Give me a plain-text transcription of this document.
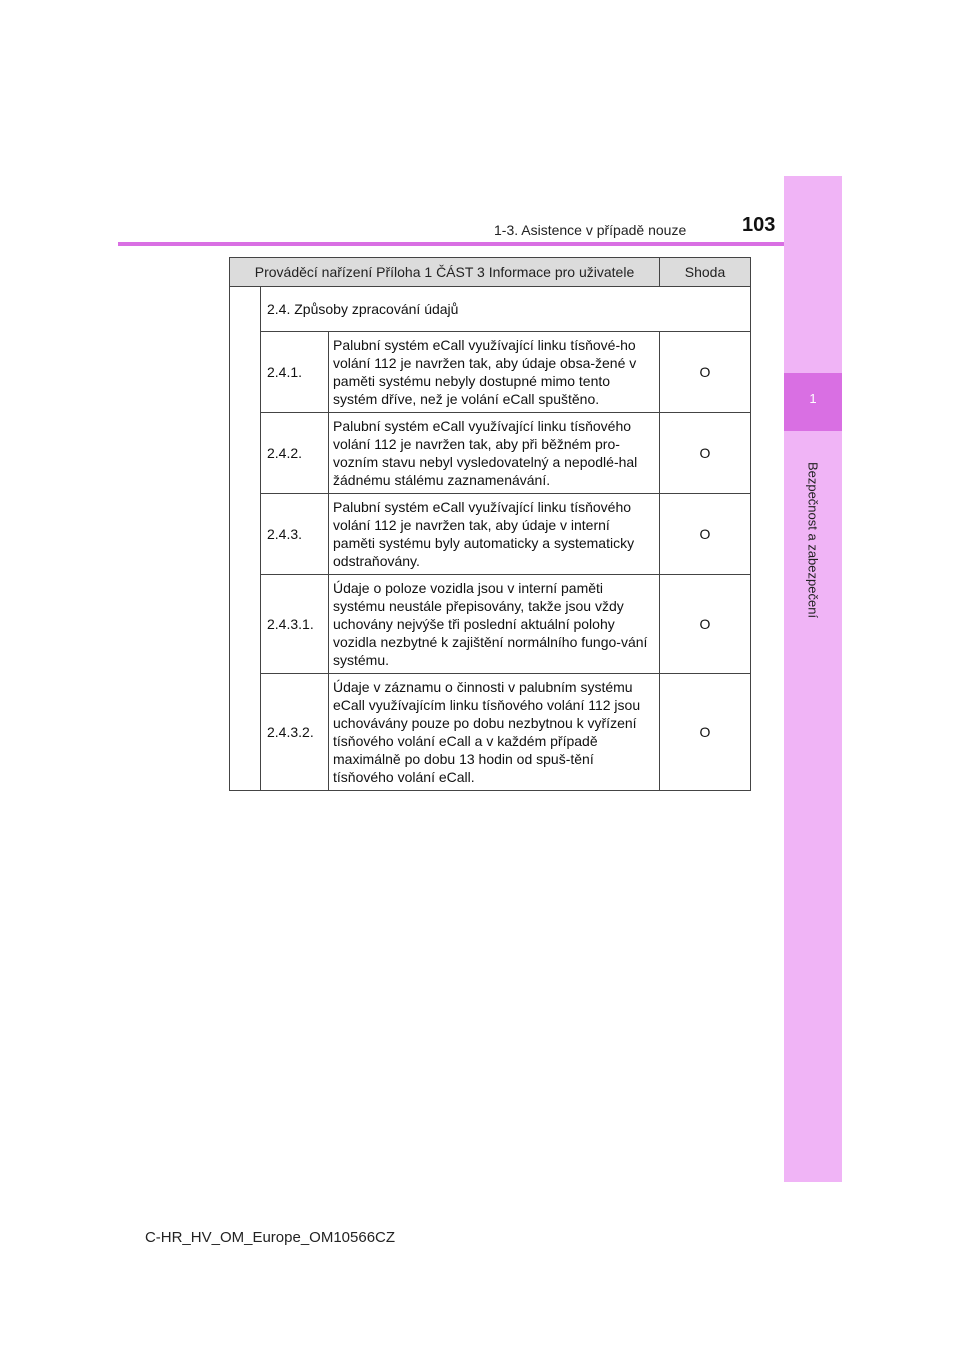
1
Bezpečnost a zabezpečení
1-3. Asistence v případě nouze	103
Prováděcí nařízení Příloha 1 ČÁST 3 Informace pro uživatele			Shoda
	2.4. Způsoby zpracování údajů		
	2.4.1.	Palubní systém eCall využívající linku tísňové-ho volání 112 je navržen tak, aby údaje obsa-žené v paměti systému nebyly dostupné mimo tento systém dříve, než je volání eCall spuštěno.	O
	2.4.2.	Palubní systém eCall využívající linku tísňového volání 112 je navržen tak, aby při běžném pro-vozním stavu nebyl vysledovatelný a nepodlé-hal žádnému stálému zaznamenávání.	O
	2.4.3.	Palubní systém eCall využívající linku tísňového volání 112 je navržen tak, aby údaje v interní paměti systému byly automaticky a systematicky odstraňovány.	O
	2.4.3.1.	Údaje o poloze vozidla jsou v interní paměti systému neustále přepisovány, takže jsou vždy uchovány nejvýše tři poslední aktuální polohy vozidla nezbytné k zajištění normálního fungo-vání systému.	O
	2.4.3.2.	Údaje v záznamu o činnosti v palubním systému eCall využívajícím linku tísňového volání 112 jsou uchovávány pouze po dobu nezbytnou k vyřízení tísňového volání eCall a v každém případě maximálně po dobu 13 hodin od spuš-tění tísňového volání eCall.	O
C-HR_HV_OM_Europe_OM10566CZ
